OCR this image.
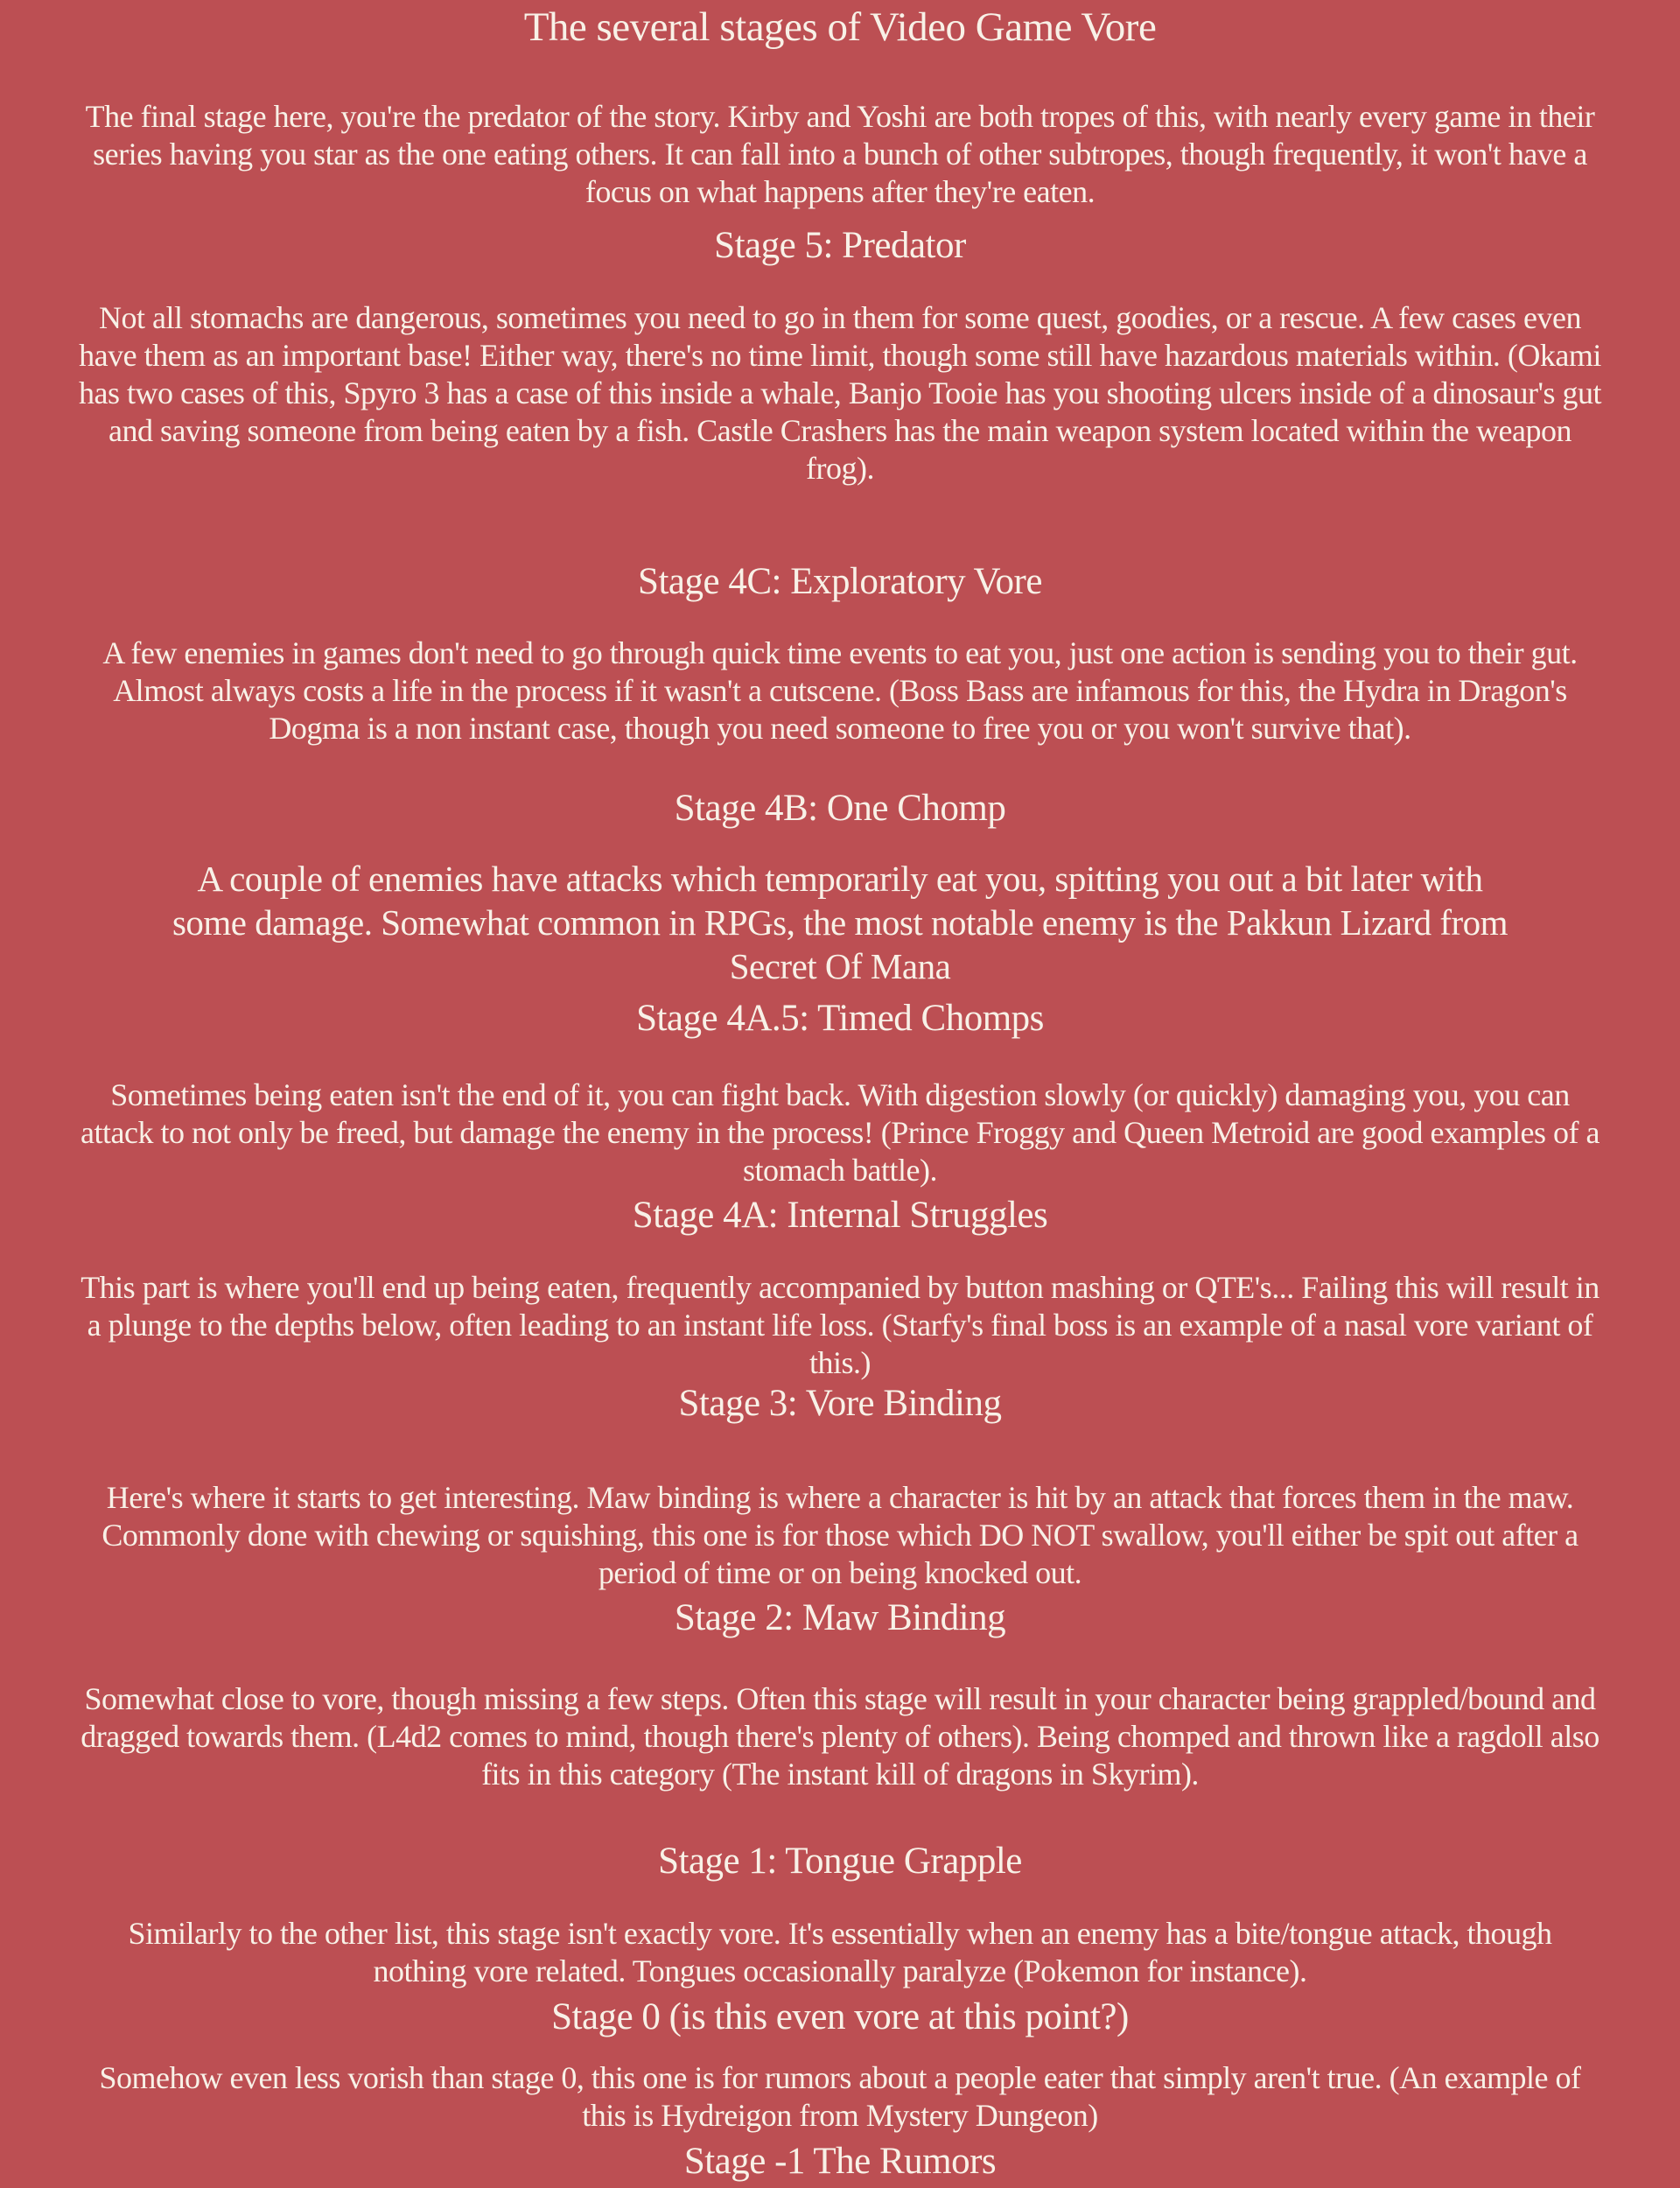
The several stages of Video Game Vore

The final stage here, you're the predator of the story. Kirby and Yoshi are both tropes of this, with nearly every game in their series having you star as the one eating others. It can fall into a bunch of other subtropes, though frequently, it won't have a focus on what happens after they're eaten.

Stage 5: Predator

Not all stomachs are dangerous, sometimes you need to go in them for some quest, goodies, or a rescue. A few cases even have them as an important base! Either way, there's no time limit, though some still have hazardous materials within. (Okami has two cases of this, Spyro 3 has a case of this inside a whale, Banjo Tooie has you shooting ulcers inside of a dinosaur's gut and saving someone from being eaten by a fish. Castle Crashers has the main weapon system located within the weapon frog).

Stage 4C: Exploratory Vore

A few enemies in games don't need to go through quick time events to eat you, just one action is sending you to their gut. Almost always costs a life in the process if it wasn't a cutscene. (Boss Bass are infamous for this, the Hydra in Dragon's Dogma is a non instant case, though you need someone to free you or you won't survive that).

Stage 4B: One Chomp

A couple of enemies have attacks which temporarily eat you, spitting you out a bit later with some damage. Somewhat common in RPGs, the most notable enemy is the Pakkun Lizard from Secret Of Mana

Stage 4A.5: Timed Chomps

Sometimes being eaten isn't the end of it, you can fight back. With digestion slowly (or quickly) damaging you, you can attack to not only be freed, but damage the enemy in the process! (Prince Froggy and Queen Metroid are good examples of a stomach battle).

Stage 4A: Internal Struggles

This part is where you'll end up being eaten, frequently accompanied by button mashing or QTE's... Failing this will result in a plunge to the depths below, often leading to an instant life loss. (Starfy's final boss is an example of a nasal vore variant of this.)

Stage 3: Vore Binding

Here's where it starts to get interesting. Maw binding is where a character is hit by an attack that forces them in the maw. Commonly done with chewing or squishing, this one is for those which DO NOT swallow, you'll either be spit out after a period of time or on being knocked out.

Stage 2: Maw Binding

Somewhat close to vore, though missing a few steps. Often this stage will result in your character being grappled/bound and dragged towards them. (L4d2 comes to mind, though there's plenty of others). Being chomped and thrown like a ragdoll also fits in this category (The instant kill of dragons in Skyrim).

Stage 1: Tongue Grapple

Similarly to the other list, this stage isn't exactly vore. It's essentially when an enemy has a bite/tongue attack, though nothing vore related. Tongues occasionally paralyze (Pokemon for instance).

Stage 0 (is this even vore at this point?)

Somehow even less vorish than stage 0, this one is for rumors about a people eater that simply aren't true. (An example of this is Hydreigon from Mystery Dungeon)

Stage -1 The Rumors
